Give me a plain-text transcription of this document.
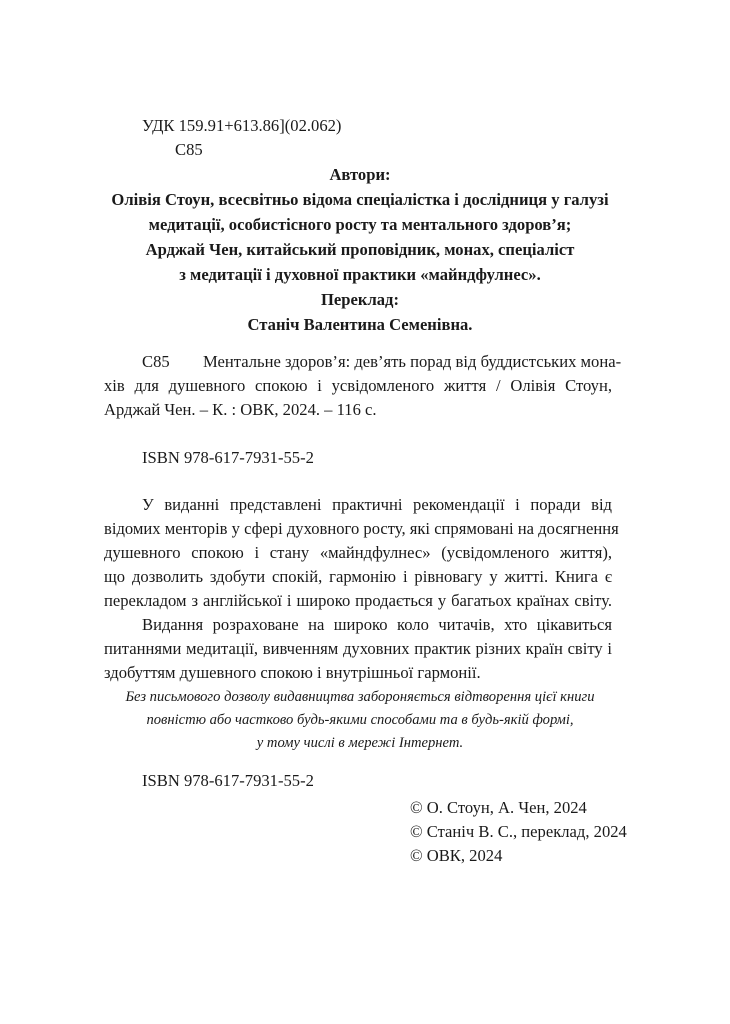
УДК 159.91+613.86](02.062)
С85
Автори:
Олівія Стоун, всесвітньо відома спеціалістка і дослідниця у галузі
медитації, особистісного росту та ментального здоров’я;
Арджай Чен, китайський проповідник, монах, спеціаліст
з медитації і духовної практики «майндфулнес».
Переклад:
Станіч Валентина Семенівна.
С85 Ментальне здоров’я: дев’ять порад від буддистських мона-
хів для душевного спокою і усвідомленого життя / Олівія Стоун,
Арджай Чен. – К. : ОВК, 2024. – 116 с.
ISBN 978-617-7931-55-2
У виданні представлені практичні рекомендації і поради від
відомих менторів у сфері духовного росту, які спрямовані на досягнення
душевного спокою і стану «майндфулнес» (усвідомленого життя),
що дозволить здобути спокій, гармонію і рівновагу у житті. Книга є
перекладом з англійської і широко продається у багатьох країнах світу.
Видання розраховане на широко коло читачів, хто цікавиться
питаннями медитації, вивченням духовних практик різних країн світу і
здобуттям душевного спокою і внутрішньої гармонії.
Без письмового дозволу видавництва забороняється відтворення цієї книги
повністю або частково будь-якими способами та в будь-якій формі,
у тому числі в мережі Інтернет.
ISBN 978-617-7931-55-2
© О. Стоун, А. Чен, 2024
© Станіч В. С., переклад, 2024
© ОВК, 2024
